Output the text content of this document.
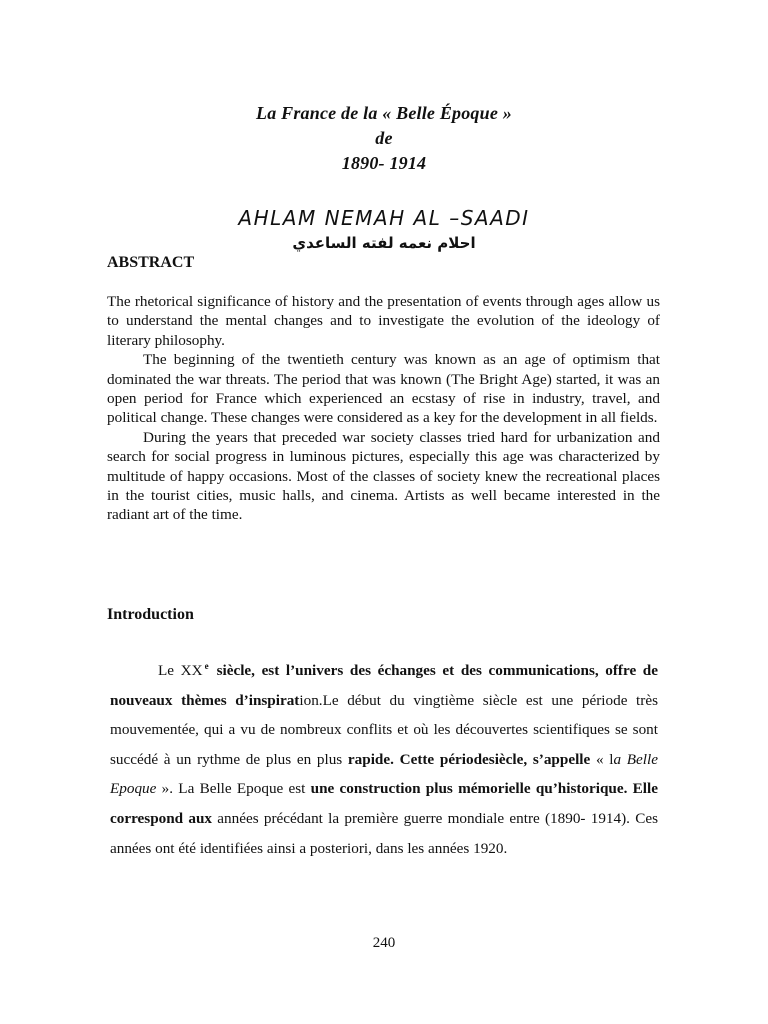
La France de la « Belle Époque »
de
1890- 1914
AHLAM NEMAH AL –SAADI
احلام نعمه لفته الساعدي
ABSTRACT

The rhetorical significance of history and the presentation of events through ages allow us to understand the mental changes and to investigate the evolution of the ideology of literary philosophy.

The beginning of the twentieth century was known as an age of optimism that dominated the war threats. The period that was known (The Bright Age) started, it was an open period for France which experienced an ecstasy of rise in industry, travel, and political change. These changes were considered as a key for the development in all fields.

During the years that preceded war society classes tried hard for urbanization and search for social progress in luminous pictures, especially this age was characterized by multitude of happy occasions. Most of the classes of society knew the recreational places in the tourist cities, music halls, and cinema. Artists as well became interested in the radiant art of the time.

Introduction

Le XX $^e$ siècle, est l’univers des échanges et des communications, offre de nouveaux thèmes d’inspiration.Le début du vingtième siècle est une période très mouvementée, qui a vu de nombreux conflits et où les découvertes scientifiques se sont succédé à un rythme de plus en plus rapide. Cette périodesiècle, s’appelle « la Belle Epoque ». La Belle Epoque est une construction plus mémorielle qu’historique. Elle correspond aux années précédant la première guerre mondiale entre (1890- 1914). Ces années ont été identifiées ainsi a posteriori, dans les années 1920.

240
